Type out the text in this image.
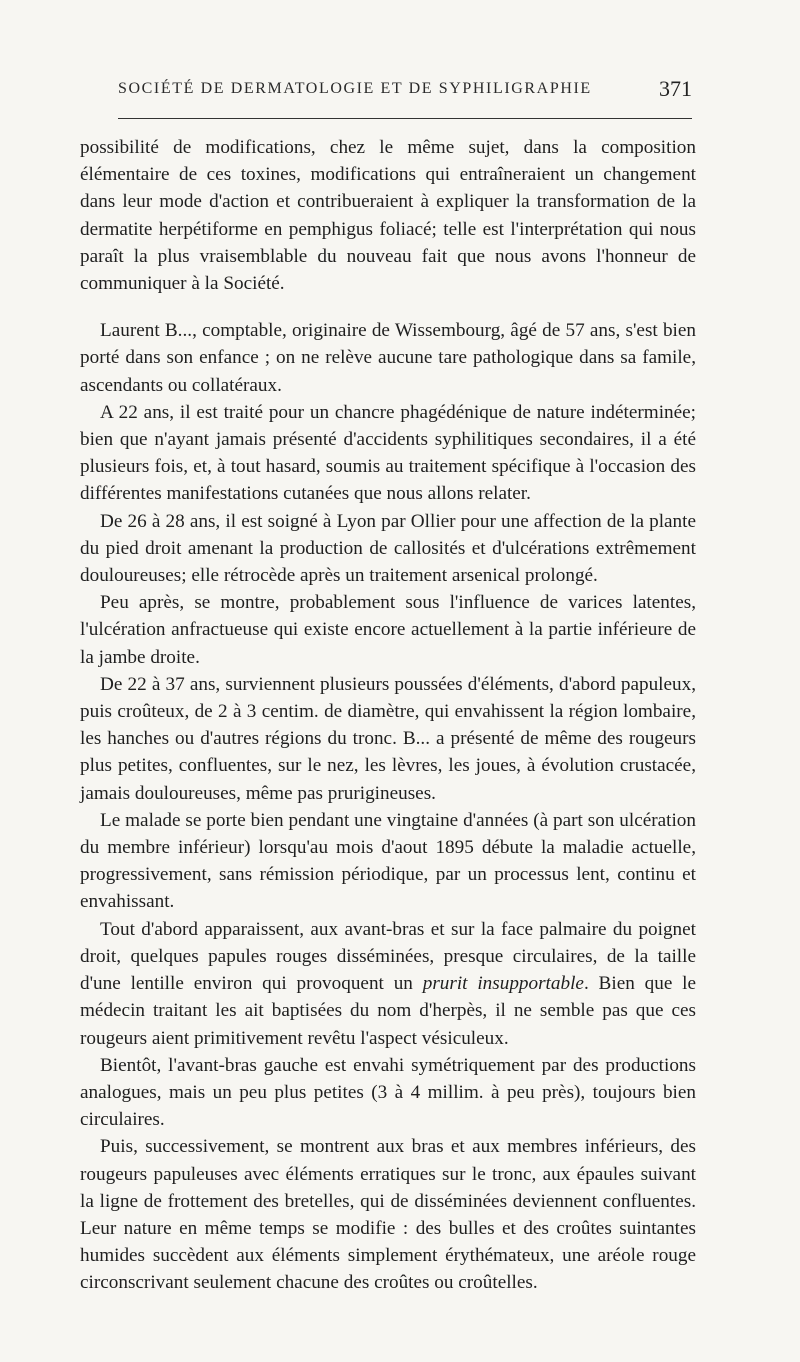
SOCIÉTÉ DE DERMATOLOGIE ET DE SYPHILIGRAPHIE	371

possibilité de modifications, chez le même sujet, dans la composition élémentaire de ces toxines, modifications qui entraîneraient un changement dans leur mode d'action et contribueraient à expliquer la transformation de la dermatite herpétiforme en pemphigus foliacé; telle est l'interprétation qui nous paraît la plus vraisemblable du nouveau fait que nous avons l'honneur de communiquer à la Société.

Laurent B..., comptable, originaire de Wissembourg, âgé de 57 ans, s'est bien porté dans son enfance ; on ne relève aucune tare pathologique dans sa famile, ascendants ou collatéraux.

A 22 ans, il est traité pour un chancre phagédénique de nature indéterminée; bien que n'ayant jamais présenté d'accidents syphilitiques secondaires, il a été plusieurs fois, et, à tout hasard, soumis au traitement spécifique à l'occasion des différentes manifestations cutanées que nous allons relater.

De 26 à 28 ans, il est soigné à Lyon par Ollier pour une affection de la plante du pied droit amenant la production de callosités et d'ulcérations extrêmement douloureuses; elle rétrocède après un traitement arsenical prolongé.

Peu après, se montre, probablement sous l'influence de varices latentes, l'ulcération anfractueuse qui existe encore actuellement à la partie inférieure de la jambe droite.

De 22 à 37 ans, surviennent plusieurs poussées d'éléments, d'abord papuleux, puis croûteux, de 2 à 3 centim. de diamètre, qui envahissent la région lombaire, les hanches ou d'autres régions du tronc. B... a présenté de même des rougeurs plus petites, confluentes, sur le nez, les lèvres, les joues, à évolution crustacée, jamais douloureuses, même pas prurigineuses.

Le malade se porte bien pendant une vingtaine d'années (à part son ulcération du membre inférieur) lorsqu'au mois d'aout 1895 débute la maladie actuelle, progressivement, sans rémission périodique, par un processus lent, continu et envahissant.

Tout d'abord apparaissent, aux avant-bras et sur la face palmaire du poignet droit, quelques papules rouges disséminées, presque circulaires, de la taille d'une lentille environ qui provoquent un prurit insupportable. Bien que le médecin traitant les ait baptisées du nom d'herpès, il ne semble pas que ces rougeurs aient primitivement revêtu l'aspect vésiculeux.

Bientôt, l'avant-bras gauche est envahi symétriquement par des productions analogues, mais un peu plus petites (3 à 4 millim. à peu près), toujours bien circulaires.

Puis, successivement, se montrent aux bras et aux membres inférieurs, des rougeurs papuleuses avec éléments erratiques sur le tronc, aux épaules suivant la ligne de frottement des bretelles, qui de disséminées deviennent confluentes. Leur nature en même temps se modifie : des bulles et des croûtes suintantes humides succèdent aux éléments simplement érythémateux, une aréole rouge circonscrivant seulement chacune des croûtes ou croûtelles.
